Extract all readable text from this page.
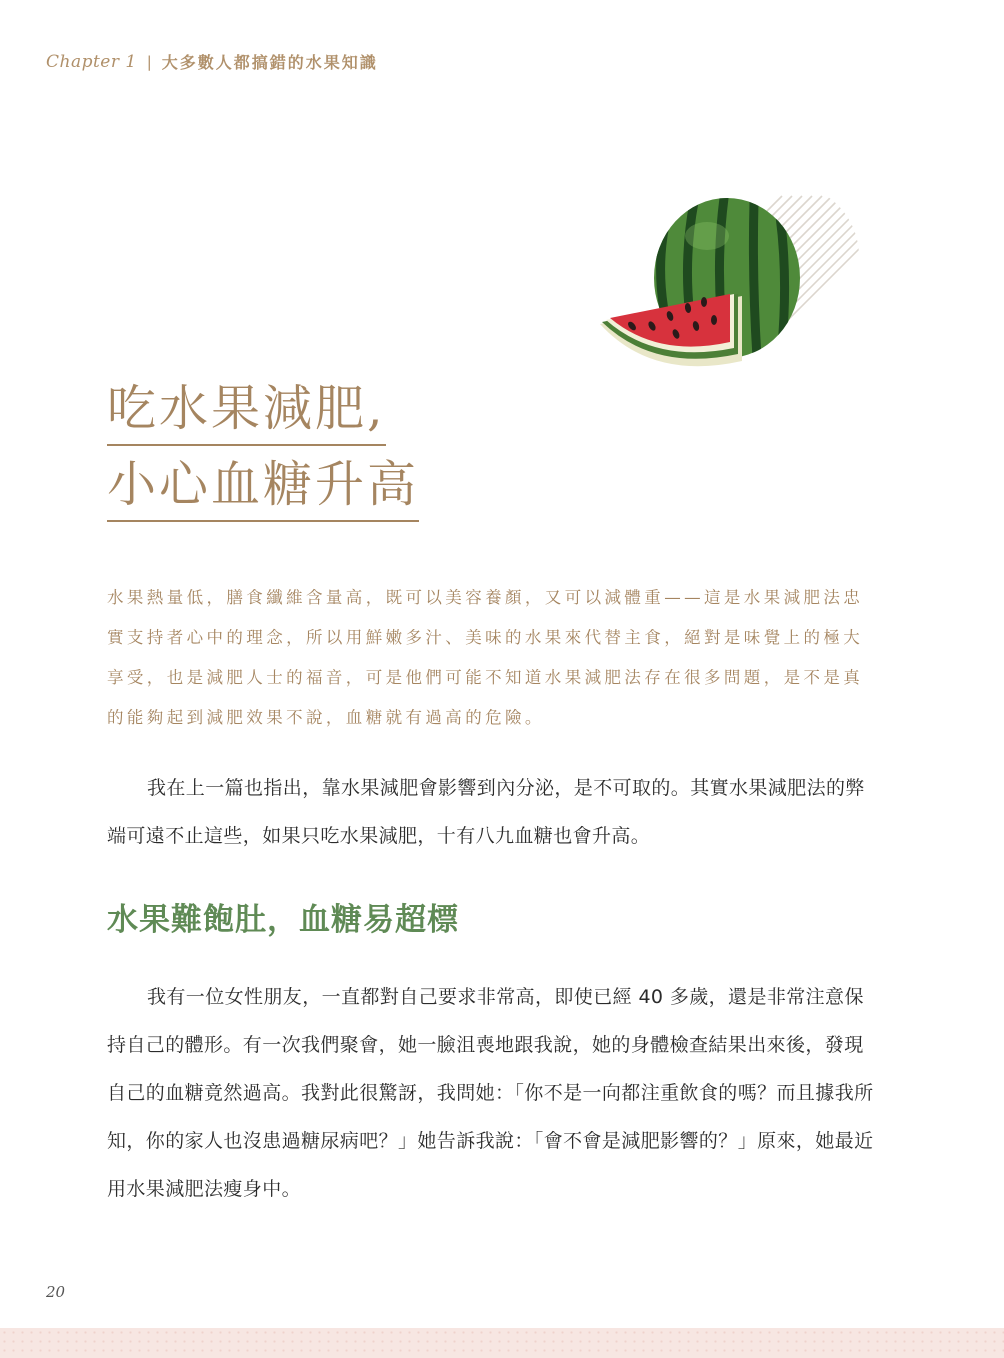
Chapter 1 | 大多數人都搞錯的水果知識
吃水果減肥,
小心血糖升高

水果熱量低，膳食纖維含量高，既可以美容養顏，又可以減體重——這是水果減肥法忠實支持者心中的理念，所以用鮮嫩多汁、美味的水果來代替主食，絕對是味覺上的極大享受，也是減肥人士的福音，可是他們可能不知道水果減肥法存在很多問題，是不是真的能夠起到減肥效果不說，血糖就有過高的危險。

我在上一篇也指出，靠水果減肥會影響到內分泌，是不可取的。其實水果減肥法的弊端可遠不止這些，如果只吃水果減肥，十有八九血糖也會升高。

水果難飽肚，血糖易超標

我有一位女性朋友，一直都對自己要求非常高，即使已經 40 多歲，還是非常注意保持自己的體形。有一次我們聚會，她一臉沮喪地跟我說，她的身體檢查結果出來後，發現自己的血糖竟然過高。我對此很驚訝，我問她：「你不是一向都注重飲食的嗎？而且據我所知，你的家人也沒患過糖尿病吧？」她告訴我說：「會不會是減肥影響的？」原來，她最近用水果減肥法瘦身中。

20
